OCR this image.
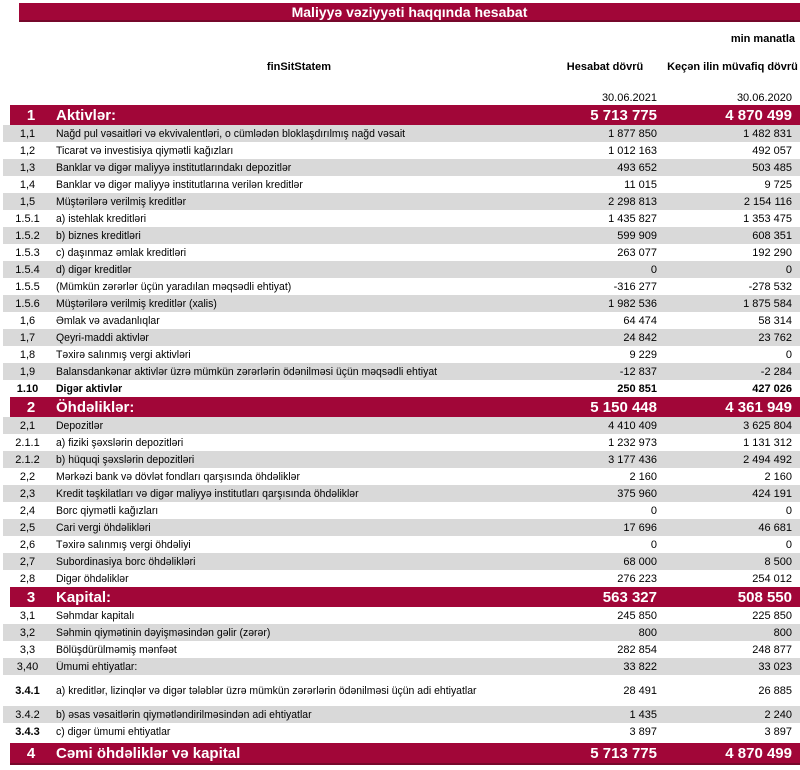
Maliyyə vəziyyəti haqqında hesabat
min manatla
finSitStatem	Hesabat dövrü	Keçən ilin müvafiq dövrü
30.06.2021	30.06.2020
1	Aktivlər:	5 713 775	4 870 499
1,1	Nağd pul vəsaitləri və ekvivalentləri, o cümlədən bloklaşdırılmış nağd vəsait	1 877 850	1 482 831
1,2	Ticarət və investisiya qiymətli kağızları	1 012 163	492 057
1,3	Banklar və digər maliyyə institutlarındakı depozitlər	493 652	503 485
1,4	Banklar və digər maliyyə institutlarına verilən kreditlər	11 015	9 725
1,5	Müştərilərə verilmiş kreditlər	2 298 813	2 154 116
1.5.1	a) istehlak kreditləri	1 435 827	1 353 475
1.5.2	b) biznes kreditləri	599 909	608 351
1.5.3	c) daşınmaz əmlak kreditləri	263 077	192 290
1.5.4	d) digər kreditlər	0	0
1.5.5	(Mümkün zərərlər üçün yaradılan məqsədli ehtiyat)	-316 277	-278 532
1.5.6	Müştərilərə verilmiş kreditlər (xalis)	1 982 536	1 875 584
1,6	Əmlak və avadanlıqlar	64 474	58 314
1,7	Qeyri-maddi aktivlər	24 842	23 762
1,8	Təxirə salınmış vergi aktivləri	9 229	0
1,9	Balansdankənar aktivlər üzrə mümkün zərərlərin ödənilməsi üçün məqsədli ehtiyat	-12 837	-2 284
1.10	Digər aktivlər	250 851	427 026
2	Öhdəliklər:	5 150 448	4 361 949
2,1	Depozitlər	4 410 409	3 625 804
2.1.1	a) fiziki şəxslərin depozitləri	1 232 973	1 131 312
2.1.2	b) hüquqi şəxslərin depozitləri	3 177 436	2 494 492
2,2	Mərkəzi bank və dövlət fondları qarşısında öhdəliklər	2 160	2 160
2,3	Kredit təşkilatları və digər maliyyə institutları qarşısında öhdəliklər	375 960	424 191
2,4	Borc qiymətli kağızları	0	0
2,5	Cari vergi öhdəlikləri	17 696	46 681
2,6	Təxirə salınmış vergi öhdəliyi	0	0
2,7	Subordinasiya borc öhdəlikləri	68 000	8 500
2,8	Digər öhdəliklər	276 223	254 012
3	Kapital:	563 327	508 550
3,1	Səhmdar kapitalı	245 850	225 850
3,2	Səhmin qiymətinin dəyişməsindən gəlir (zərər)	800	800
3,3	Bölüşdürülməmiş mənfəət	282 854	248 877
3,40	Ümumi ehtiyatlar:	33 822	33 023
3.4.1	a) kreditlər, lizinqlər və digər tələblər üzrə mümkün zərərlərin ödənilməsi üçün adi ehtiyatlar	28 491	26 885
3.4.2	b) əsas vəsaitlərin qiymətləndirilməsindən adi ehtiyatlar	1 435	2 240
3.4.3	c) digər ümumi ehtiyatlar	3 897	3 897
4	Cəmi öhdəliklər və kapital	5 713 775	4 870 499
